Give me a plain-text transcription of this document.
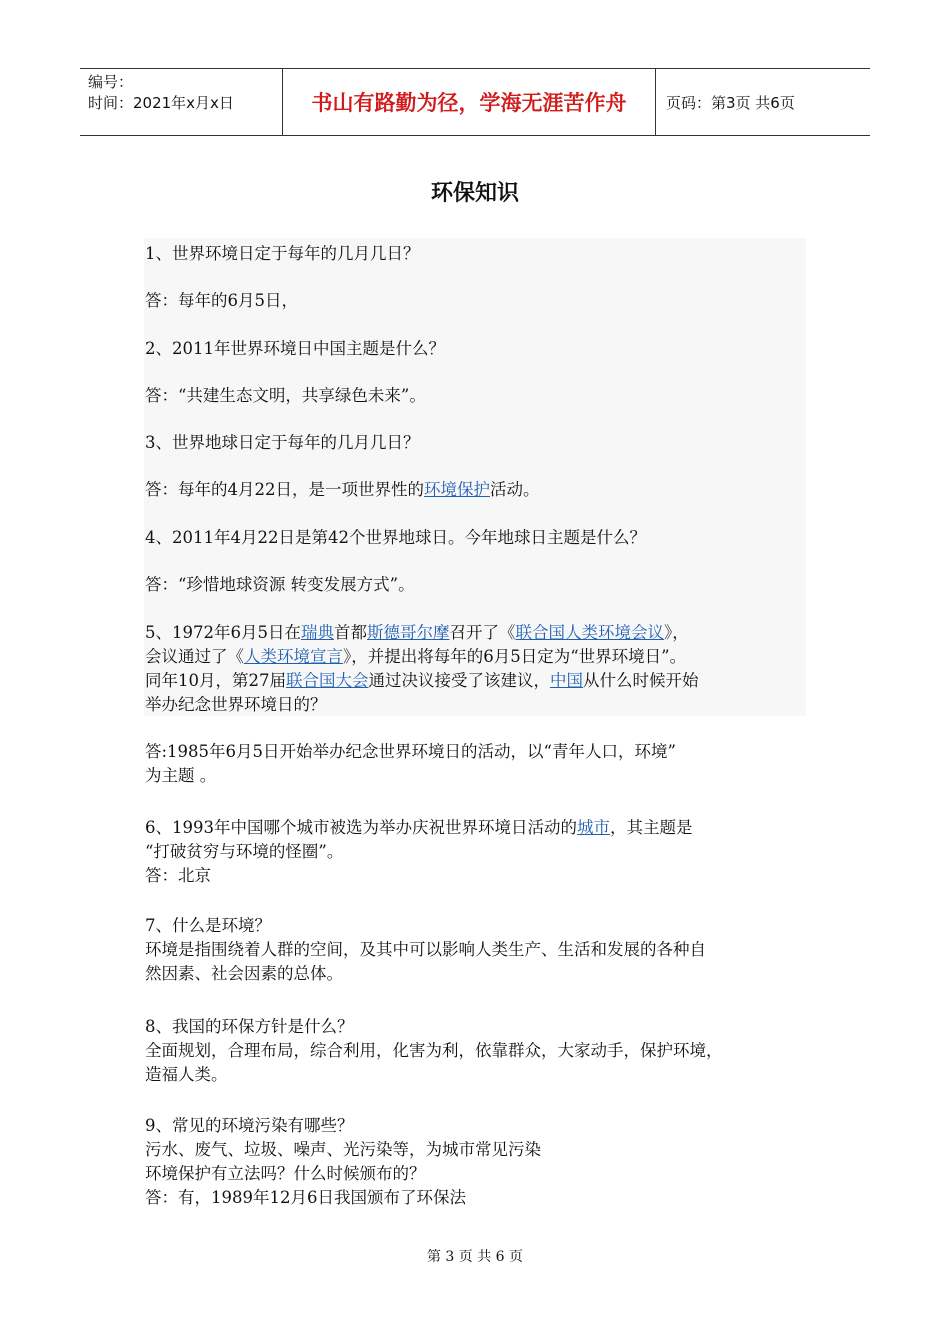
编号：
时间：2021年x月x日	书山有路勤为径，学海无涯苦作舟	页码：第3页 共6页
环保知识
1、世界环境日定于每年的几月几日？
答：每年的6月5日，
2、2011年世界环境日中国主题是什么？
答：“共建生态文明，共享绿色未来”。
3、世界地球日定于每年的几月几日？
答：每年的4月22日，是一项世界性的环境保护活动。
4、2011年4月22日是第42个世界地球日。今年地球日主题是什么？
答：“珍惜地球资源 转变发展方式”。
5、1972年6月5日在瑞典首都斯德哥尔摩召开了《联合国人类环境会议》，
会议通过了《人类环境宣言》，并提出将每年的6月5日定为“世界环境日”。
同年10月，第27届联合国大会通过决议接受了该建议，中国从什么时候开始
举办纪念世界环境日的？
答:1985年6月5日开始举办纪念世界环境日的活动，以“青年人口，环境”
为主题 。
6、1993年中国哪个城市被选为举办庆祝世界环境日活动的城市，其主题是
“打破贫穷与环境的怪圈”。
答：北京
7、什么是环境？
环境是指围绕着人群的空间，及其中可以影响人类生产、生活和发展的各种自
然因素、社会因素的总体。
8、我国的环保方针是什么？
全面规划，合理布局，综合利用，化害为利，依靠群众，大家动手，保护环境，
造福人类。
9、常见的环境污染有哪些？
污水、废气、垃圾、噪声、光污染等，为城市常见污染
环境保护有立法吗？什么时候颁布的？
答：有，1989年12月6日我国颁布了环保法
第 3 页 共 6 页
